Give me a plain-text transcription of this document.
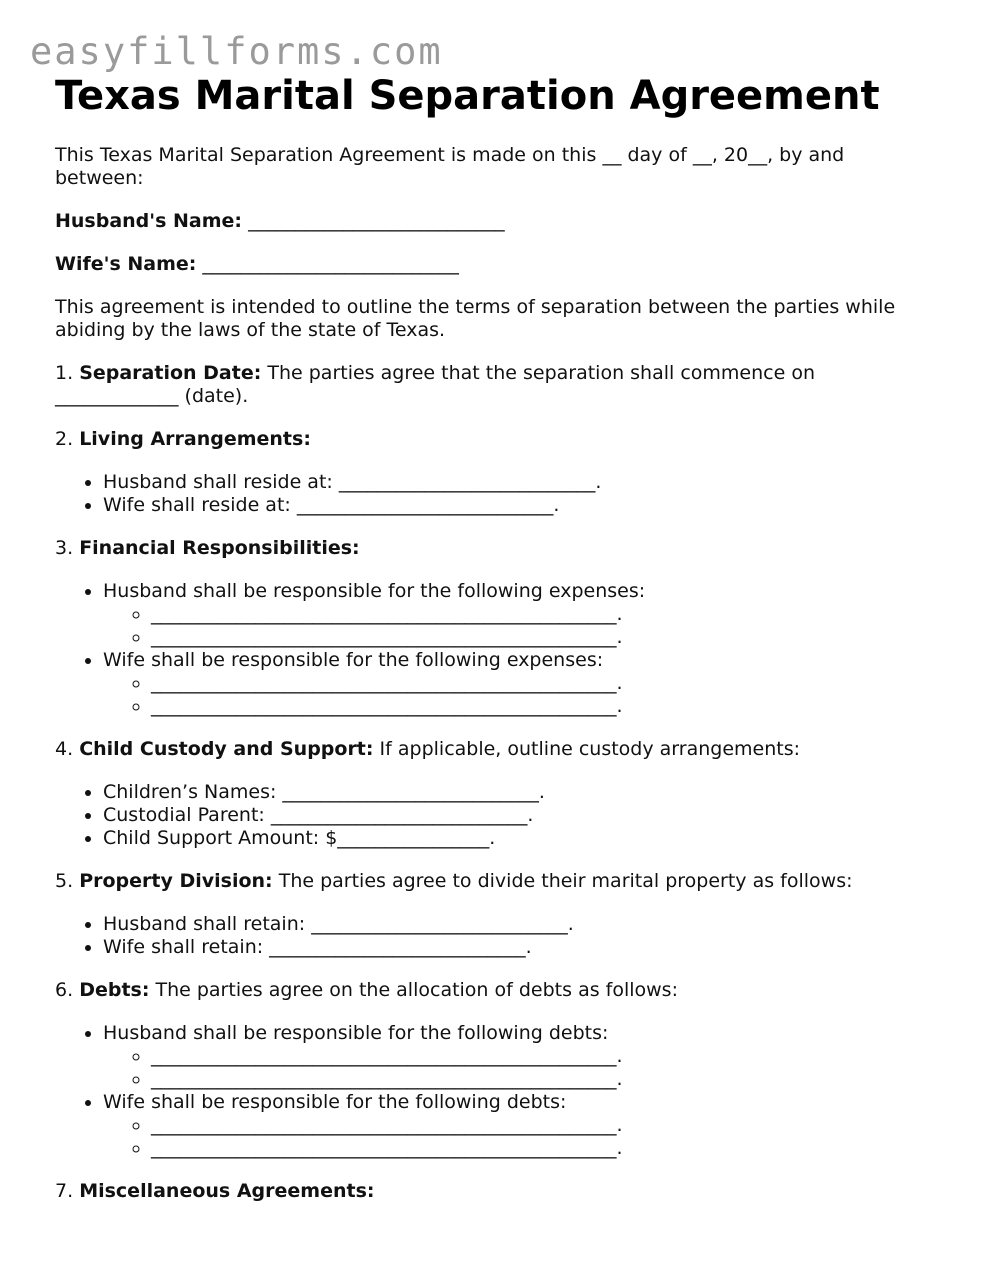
easyfillforms.com
Texas Marital Separation Agreement

This Texas Marital Separation Agreement is made on this __ day of __, 20__, by and between:

Husband's Name: ___________________________

Wife's Name: ___________________________

This agreement is intended to outline the terms of separation between the parties while abiding by the laws of the state of Texas.

1. Separation Date: The parties agree that the separation shall commence on _____________ (date).

2. Living Arrangements:

• Husband shall reside at: ___________________________.
• Wife shall reside at: ___________________________.

3. Financial Responsibilities:

• Husband shall be responsible for the following expenses:
◦ _________________________________________________.
◦ _________________________________________________.
• Wife shall be responsible for the following expenses:
◦ _________________________________________________.
◦ _________________________________________________.

4. Child Custody and Support: If applicable, outline custody arrangements:

• Children’s Names: ___________________________.
• Custodial Parent: ___________________________.
• Child Support Amount: $________________.

5. Property Division: The parties agree to divide their marital property as follows:

• Husband shall retain: ___________________________.
• Wife shall retain: ___________________________.

6. Debts: The parties agree on the allocation of debts as follows:

• Husband shall be responsible for the following debts:
◦ _________________________________________________.
◦ _________________________________________________.
• Wife shall be responsible for the following debts:
◦ _________________________________________________.
◦ _________________________________________________.

7. Miscellaneous Agreements:
